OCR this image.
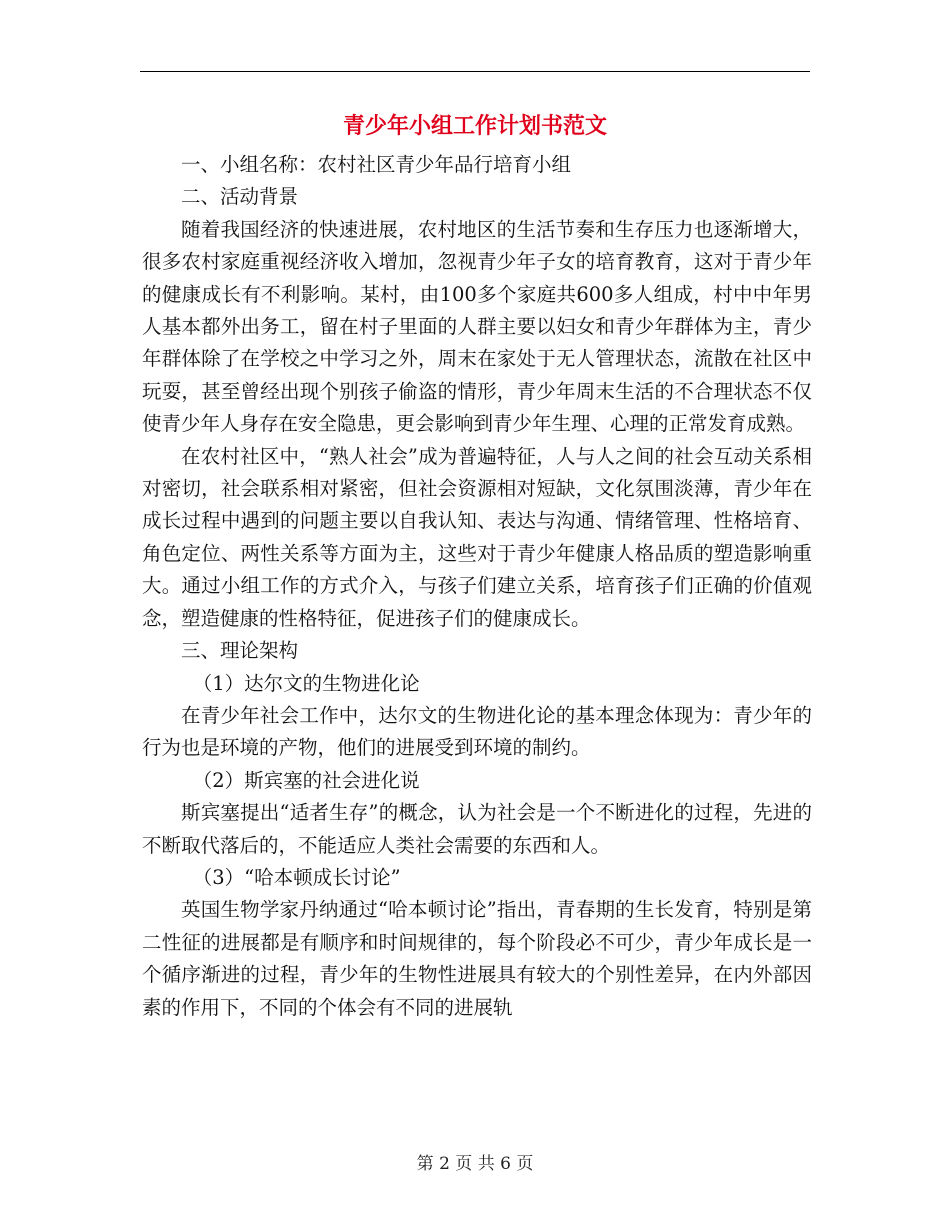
青少年小组工作计划书范文

一、小组名称：农村社区青少年品行培育小组

二、活动背景

随着我国经济的快速进展，农村地区的生活节奏和生存压力也逐渐增大，很多农村家庭重视经济收入增加，忽视青少年子女的培育教育，这对于青少年的健康成长有不利影响。某村，由100多个家庭共600多人组成，村中中年男人基本都外出务工，留在村子里面的人群主要以妇女和青少年群体为主，青少年群体除了在学校之中学习之外，周末在家处于无人管理状态，流散在社区中玩耍，甚至曾经出现个别孩子偷盗的情形，青少年周末生活的不合理状态不仅使青少年人身存在安全隐患，更会影响到青少年生理、心理的正常发育成熟。

在农村社区中，“熟人社会”成为普遍特征，人与人之间的社会互动关系相对密切，社会联系相对紧密，但社会资源相对短缺，文化氛围淡薄，青少年在成长过程中遇到的问题主要以自我认知、表达与沟通、情绪管理、性格培育、角色定位、两性关系等方面为主，这些对于青少年健康人格品质的塑造影响重大。通过小组工作的方式介入，与孩子们建立关系，培育孩子们正确的价值观念，塑造健康的性格特征，促进孩子们的健康成长。

三、理论架构

（1）达尔文的生物进化论

在青少年社会工作中，达尔文的生物进化论的基本理念体现为：青少年的行为也是环境的产物，他们的进展受到环境的制约。

（2）斯宾塞的社会进化说

斯宾塞提出“适者生存”的概念，认为社会是一个不断进化的过程，先进的不断取代落后的，不能适应人类社会需要的东西和人。

（3）“哈本顿成长讨论”

英国生物学家丹纳通过“哈本顿讨论”指出，青春期的生长发育，特别是第二性征的进展都是有顺序和时间规律的，每个阶段必不可少，青少年成长是一个循序渐进的过程，青少年的生物性进展具有较大的个别性差异，在内外部因素的作用下，不同的个体会有不同的进展轨

第 2 页 共 6 页
